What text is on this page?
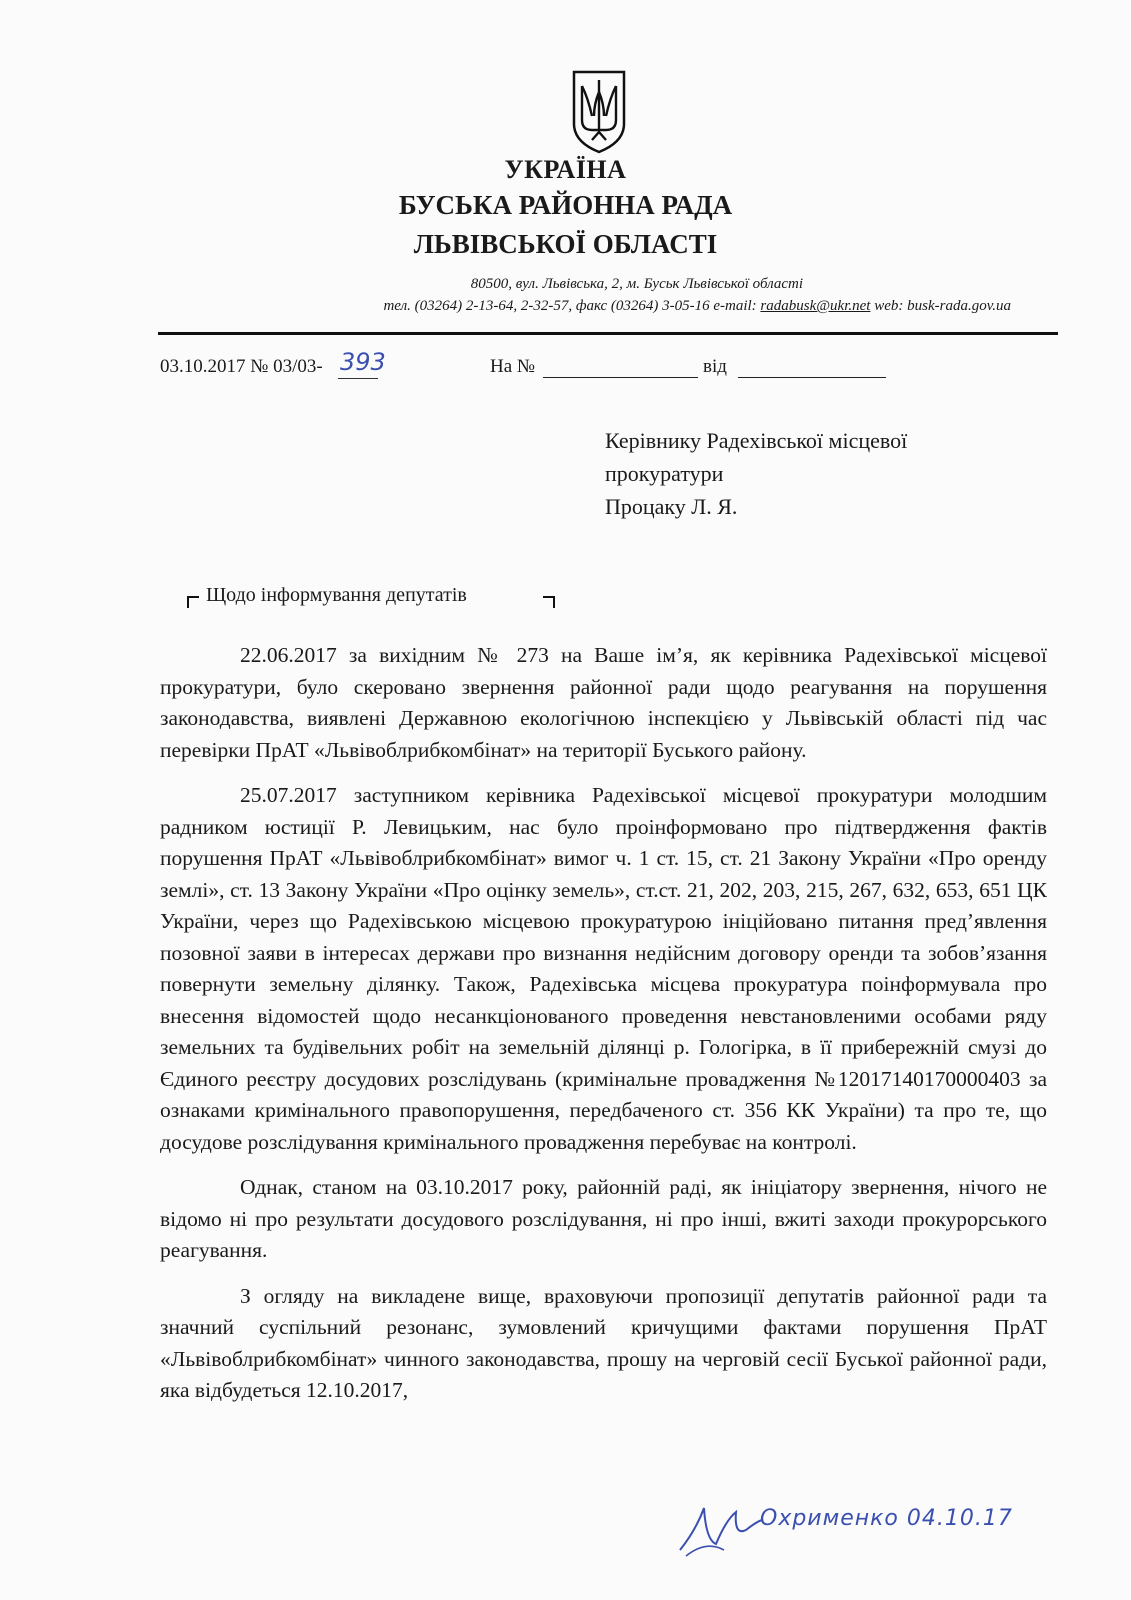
УКРАЇНА
БУСЬКА РАЙОННА РАДА
ЛЬВІВСЬКОЇ ОБЛАСТІ
80500, вул. Львівська, 2, м. Буськ Львівської області
тел. (03264) 2-13-64, 2-32-57, факс (03264) 3-05-16 e-mail: radabusk@ukr.net web: busk-rada.gov.ua
03.10.2017 № 03/03- 393	На №	від
Керівнику Радехівської місцевої
прокуратури
Процаку Л. Я.
Щодо інформування депутатів

22.06.2017 за вихідним № 273 на Ваше ім’я, як керівника Радехівської місцевої прокуратури, було скеровано звернення районної ради щодо реагування на порушення законодавства, виявлені Державною екологічною інспекцією у Львівській області під час перевірки ПрАТ «Львівоблрибкомбінат» на території Буського району.

25.07.2017 заступником керівника Радехівської місцевої прокуратури молодшим радником юстиції Р. Левицьким, нас було проінформовано про підтвердження фактів порушення ПрАТ «Львівоблрибкомбінат» вимог ч. 1 ст. 15, ст. 21 Закону України «Про оренду землі», ст. 13 Закону України «Про оцінку земель», ст.ст. 21, 202, 203, 215, 267, 632, 653, 651 ЦК України, через що Радехівською місцевою прокуратурою ініційовано питання пред’явлення позовної заяви в інтересах держави про визнання недійсним договору оренди та зобов’язання повернути земельну ділянку. Також, Радехівська місцева прокуратура поінформувала про внесення відомостей щодо несанкціонованого проведення невстановленими особами ряду земельних та будівельних робіт на земельній ділянці р. Гологірка, в її прибережній смузі до Єдиного реєстру досудових розслідувань (кримінальне провадження №12017140170000403 за ознаками кримінального правопорушення, передбаченого ст. 356 КК України) та про те, що досудове розслідування кримінального провадження перебуває на контролі.

Однак, станом на 03.10.2017 року, районній раді, як ініціатору звернення, нічого не відомо ні про результати досудового розслідування, ні про інші, вжиті заходи прокурорського реагування.

З огляду на викладене вище, враховуючи пропозиції депутатів районної ради та значний суспільний резонанс, зумовлений кричущими фактами порушення ПрАТ «Львівоблрибкомбінат» чинного законодавства, прошу на черговій сесії Буської районної ради, яка відбудеться 12.10.2017,

Охрименко 04.10.17
